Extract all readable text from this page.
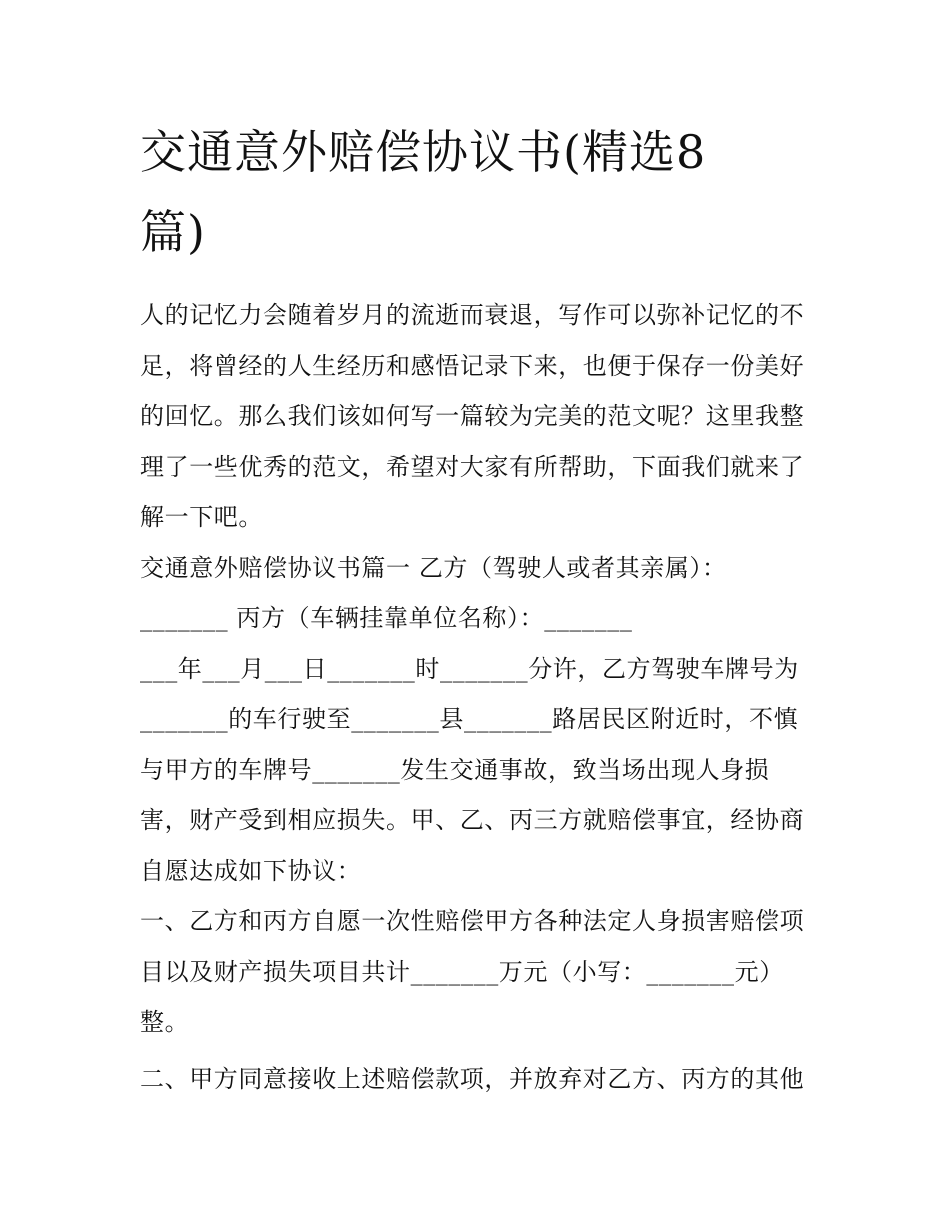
交通意外赔偿协议书(精选8
篇)
人的记忆力会随着岁月的流逝而衰退，写作可以弥补记忆的不
足，将曾经的人生经历和感悟记录下来，也便于保存一份美好
的回忆。那么我们该如何写一篇较为完美的范文呢？这里我整
理了一些优秀的范文，希望对大家有所帮助，下面我们就来了
解一下吧。
交通意外赔偿协议书篇一 乙方（驾驶人或者其亲属）：
_______ 丙方（车辆挂靠单位名称）：_______
___年___月___日_______时_______分许，乙方驾驶车牌号为
_______的车行驶至_______县_______路居民区附近时，不慎
与甲方的车牌号_______发生交通事故，致当场出现人身损
害，财产受到相应损失。甲、乙、丙三方就赔偿事宜，经协商
自愿达成如下协议：
一、乙方和丙方自愿一次性赔偿甲方各种法定人身损害赔偿项
目以及财产损失项目共计_______万元（小写：_______元）
整。
二、甲方同意接收上述赔偿款项，并放弃对乙方、丙方的其他
